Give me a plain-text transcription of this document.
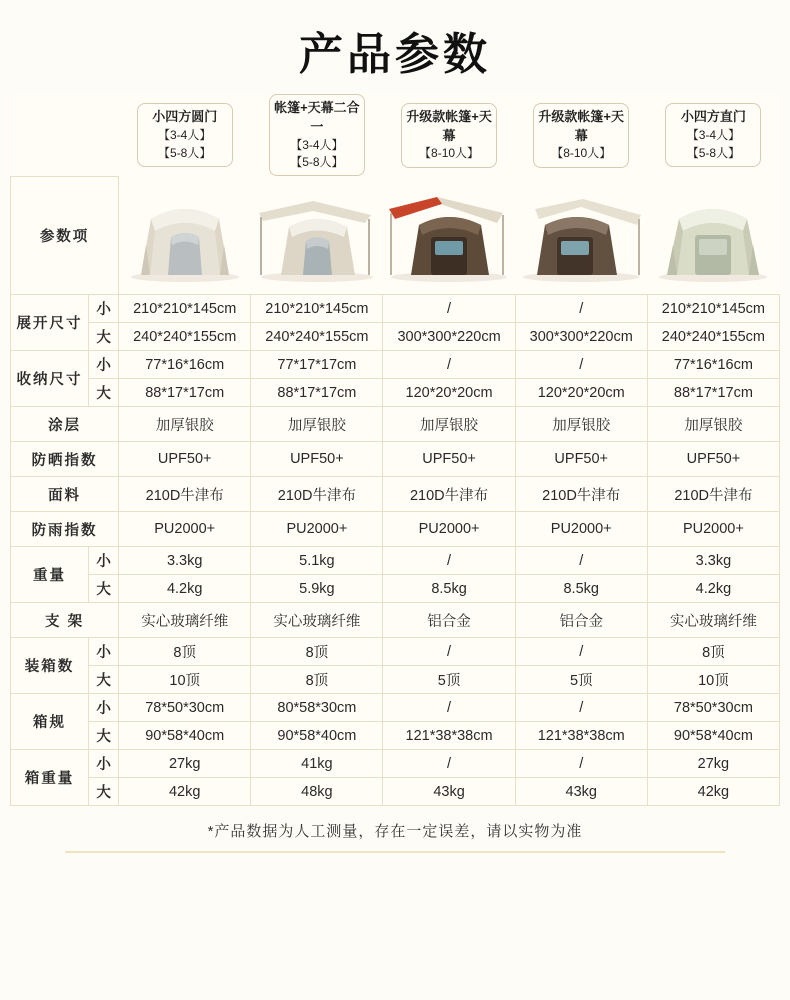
产品参数

小四方圆门
【3-4人】
【5-8人】

帐篷+天幕二合一
【3-4人】
【5-8人】

升级款帐篷+天幕
【8-10人】

升级款帐篷+天幕
【8-10人】

小四方直门
【3-4人】
【5-8人】

参数项	

展开尺寸	小	210*210*145cm	210*210*145cm	/	/	210*210*145cm
	大	240*240*155cm	240*240*155cm	300*300*220cm	300*300*220cm	240*240*155cm
收纳尺寸	小	77*16*16cm	77*17*17cm	/	/	77*16*16cm
	大	88*17*17cm	88*17*17cm	120*20*20cm	120*20*20cm	88*17*17cm
涂层		加厚银胶	加厚银胶	加厚银胶	加厚银胶	加厚银胶
防晒指数		UPF50+	UPF50+	UPF50+	UPF50+	UPF50+
面料		210D牛津布	210D牛津布	210D牛津布	210D牛津布	210D牛津布
防雨指数		PU2000+	PU2000+	PU2000+	PU2000+	PU2000+
重量	小	3.3kg	5.1kg	/	/	3.3kg
	大	4.2kg	5.9kg	8.5kg	8.5kg	4.2kg
支 架		实心玻璃纤维	实心玻璃纤维	铝合金	铝合金	实心玻璃纤维
装箱数	小	8顶	8顶	/	/	8顶
	大	10顶	8顶	5顶	5顶	10顶
箱规	小	78*50*30cm	80*58*30cm	/	/	78*50*30cm
	大	90*58*40cm	90*58*40cm	121*38*38cm	121*38*38cm	90*58*40cm
箱重量	小	27kg	41kg	/	/	27kg
	大	42kg	48kg	43kg	43kg	42kg
*产品数据为人工测量，存在一定误差，请以实物为准
